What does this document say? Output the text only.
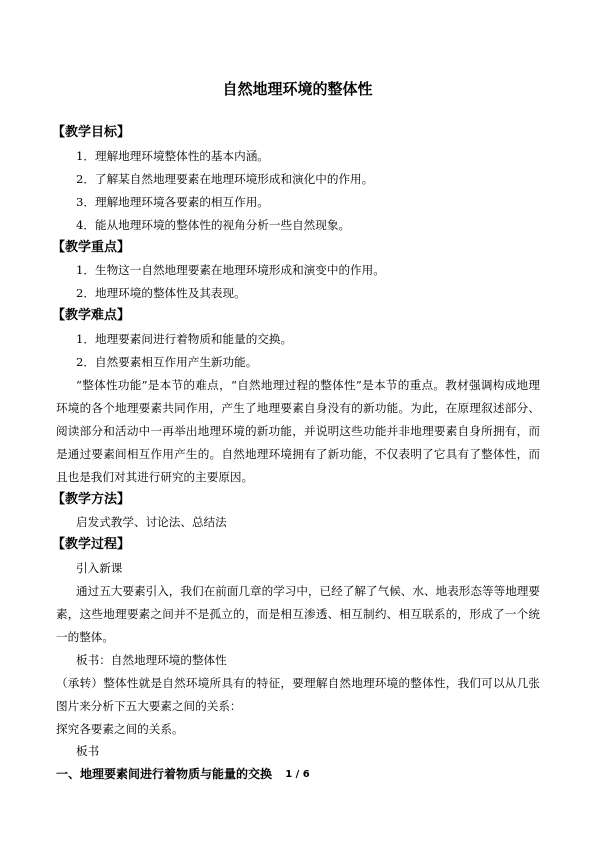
自然地理环境的整体性
【教学目标】
1．理解地理环境整体性的基本内涵。
2．了解某自然地理要素在地理环境形成和演化中的作用。
3．理解地理环境各要素的相互作用。
4．能从地理环境的整体性的视角分析一些自然现象。
【教学重点】
1．生物这一自然地理要素在地理环境形成和演变中的作用。
2．地理环境的整体性及其表现。
【教学难点】
1．地理要素间进行着物质和能量的交换。
2．自然要素相互作用产生新功能。
“整体性功能”是本节的难点，“自然地理过程的整体性”是本节的重点。教材强调构成地理环境的各个地理要素共同作用，产生了地理要素自身没有的新功能。为此，在原理叙述部分、阅读部分和活动中一再举出地理环境的新功能，并说明这些功能并非地理要素自身所拥有，而是通过要素间相互作用产生的。自然地理环境拥有了新功能，不仅表明了它具有了整体性，而且也是我们对其进行研究的主要原因。
【教学方法】
启发式教学、讨论法、总结法
【教学过程】
引入新课
通过五大要素引入，我们在前面几章的学习中，已经了解了气候、水、地表形态等等地理要素，这些地理要素之间并不是孤立的，而是相互渗透、相互制约、相互联系的，形成了一个统一的整体。
板书：自然地理环境的整体性
（承转）整体性就是自然环境所具有的特征，要理解自然地理环境的整体性，我们可以从几张图片来分析下五大要素之间的关系：
探究各要素之间的关系。
板书
一、地理要素间进行着物质与能量的交换	1 / 6
